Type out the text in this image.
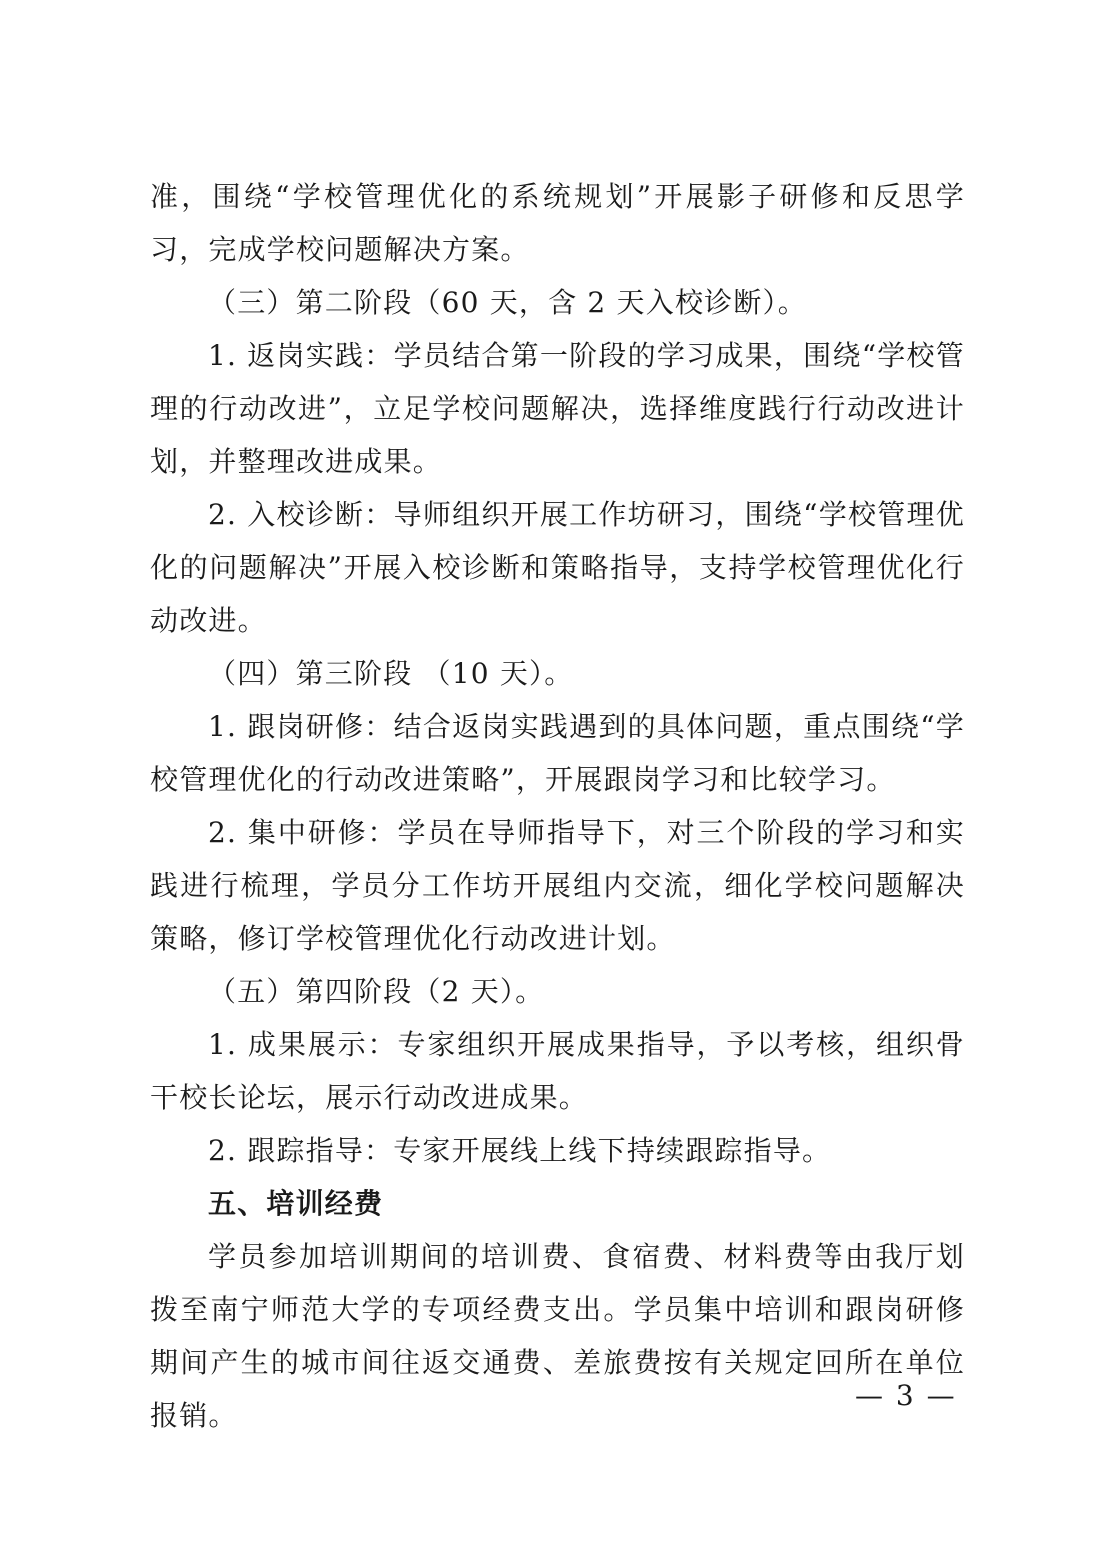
准，围绕“学校管理优化的系统规划”开展影子研修和反思学习，完成学校问题解决方案。

（三）第二阶段（60 天，含 2 天入校诊断）。

1. 返岗实践：学员结合第一阶段的学习成果，围绕“学校管理的行动改进”，立足学校问题解决，选择维度践行行动改进计划，并整理改进成果。

2. 入校诊断：导师组织开展工作坊研习，围绕“学校管理优化的问题解决”开展入校诊断和策略指导，支持学校管理优化行动改进。

（四）第三阶段 （10 天）。

1. 跟岗研修：结合返岗实践遇到的具体问题，重点围绕“学校管理优化的行动改进策略”，开展跟岗学习和比较学习。

2. 集中研修：学员在导师指导下，对三个阶段的学习和实践进行梳理，学员分工作坊开展组内交流，细化学校问题解决策略，修订学校管理优化行动改进计划。

（五）第四阶段（2 天）。

1. 成果展示：专家组织开展成果指导，予以考核，组织骨干校长论坛，展示行动改进成果。

2. 跟踪指导：专家开展线上线下持续跟踪指导。

五、培训经费

学员参加培训期间的培训费、食宿费、材料费等由我厅划拨至南宁师范大学的专项经费支出。学员集中培训和跟岗研修期间产生的城市间往返交通费、差旅费按有关规定回所在单位报销。

— 3 —
